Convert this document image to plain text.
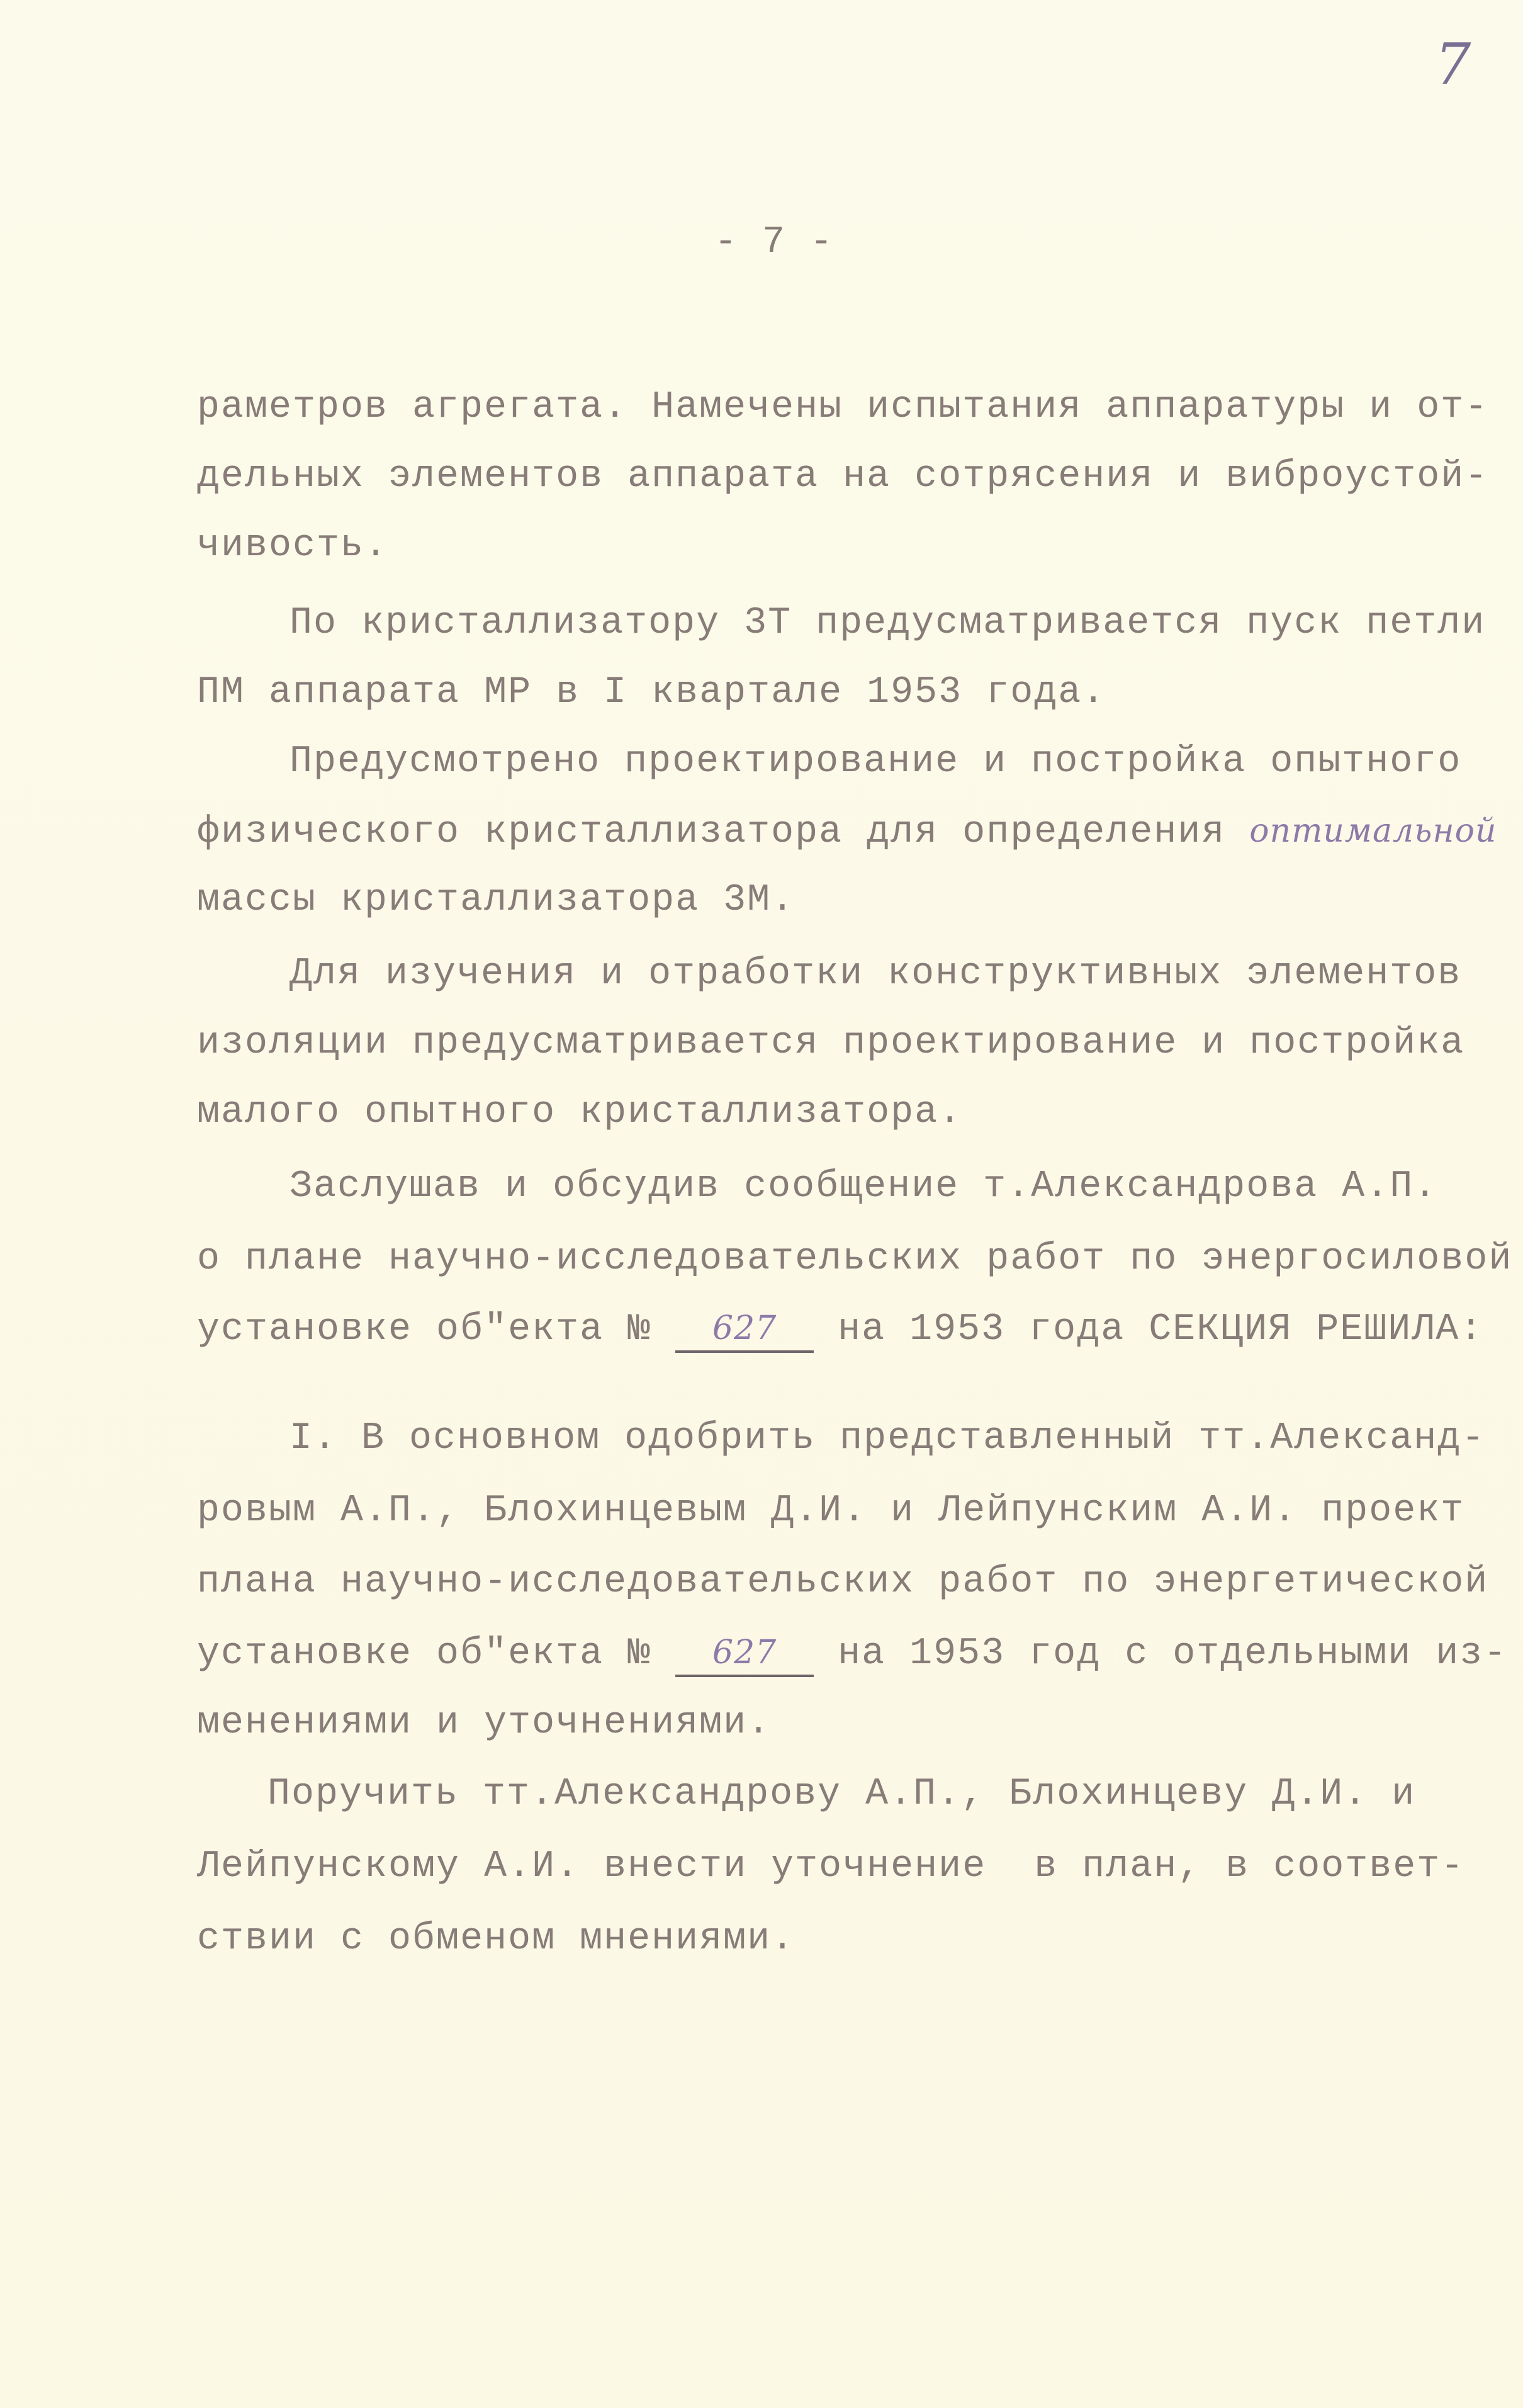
7
- 7 -
раметров агрегата. Намечены испытания аппаратуры и от-
дельных элементов аппарата на сотрясения и виброустой-
чивость.
По кристаллизатору 3Т предусматривается пуск петли
ПМ аппарата МР в I квартале 1953 года.
Предусмотрено проектирование и постройка опытного
физического кристаллизатора для определения оптимальной
массы кристаллизатора 3М.
Для изучения и отработки конструктивных элементов
изоляции предусматривается проектирование и постройка
малого опытного кристаллизатора.
Заслушав и обсудив сообщение т.Александрова А.П.
о плане научно-исследовательских работ по энергосиловой
установке об"екта № 627 на 1953 года СЕКЦИЯ РЕШИЛА:
I. В основном одобрить представленный тт.Александ-
ровым А.П., Блохинцевым Д.И. и Лейпунским А.И. проект
плана научно-исследовательских работ по энергетической
установке об"екта № 627 на 1953 год с отдельными из-
менениями и уточнениями.
Поручить тт.Александрову А.П., Блохинцеву Д.И. и
Лейпунскому А.И. внести уточнение  в план, в соответ-
ствии с обменом мнениями.
